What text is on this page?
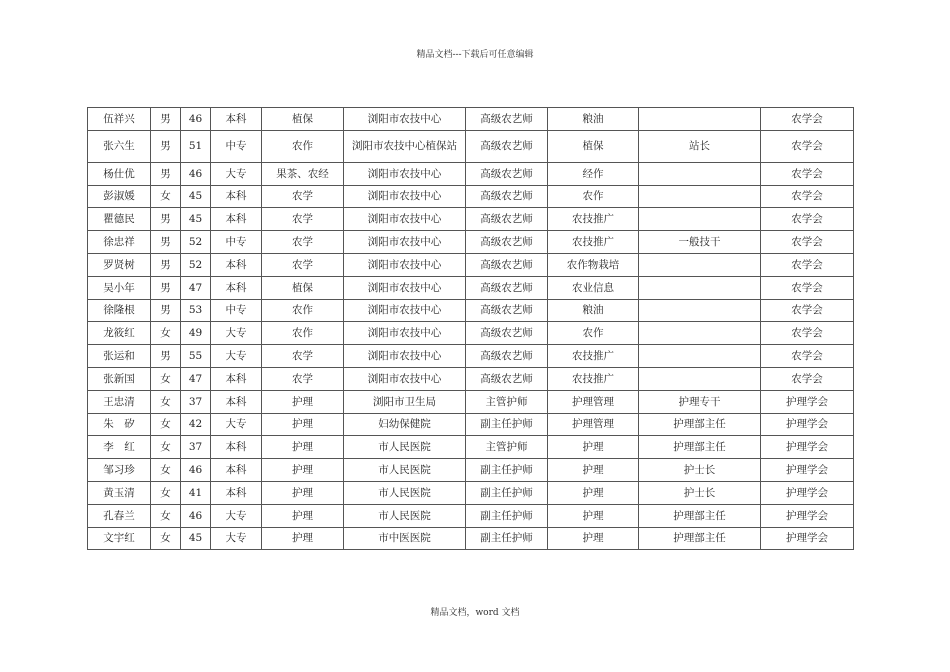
精品文档---下载后可任意编辑
伍祥兴	男	46	本科	植保	浏阳市农技中心	高级农艺师	粮油		农学会
张六生	男	51	中专	农作	浏阳市农技中心植保站	高级农艺师	植保	站长	农学会
杨仕优	男	46	大专	果茶、农经	浏阳市农技中心	高级农艺师	经作		农学会
彭淑媛	女	45	本科	农学	浏阳市农技中心	高级农艺师	农作		农学会
瞿德民	男	45	本科	农学	浏阳市农技中心	高级农艺师	农技推广		农学会
徐忠祥	男	52	中专	农学	浏阳市农技中心	高级农艺师	农技推广	一般技干	农学会
罗贤树	男	52	本科	农学	浏阳市农技中心	高级农艺师	农作物栽培		农学会
吴小年	男	47	本科	植保	浏阳市农技中心	高级农艺师	农业信息		农学会
徐隆根	男	53	中专	农作	浏阳市农技中心	高级农艺师	粮油		农学会
龙筱红	女	49	大专	农作	浏阳市农技中心	高级农艺师	农作		农学会
张运和	男	55	大专	农学	浏阳市农技中心	高级农艺师	农技推广		农学会
张新国	女	47	本科	农学	浏阳市农技中心	高级农艺师	农技推广		农学会
王忠清	女	37	本科	护理	浏阳市卫生局	主管护师	护理管理	护理专干	护理学会
朱　矽	女	42	大专	护理	妇幼保健院	副主任护师	护理管理	护理部主任	护理学会
李　红	女	37	本科	护理	市人民医院	主管护师	护理	护理部主任	护理学会
邹习珍	女	46	本科	护理	市人民医院	副主任护师	护理	护士长	护理学会
黄玉清	女	41	本科	护理	市人民医院	副主任护师	护理	护士长	护理学会
孔春兰	女	46	大专	护理	市人民医院	副主任护师	护理	护理部主任	护理学会
文宇红	女	45	大专	护理	市中医医院	副主任护师	护理	护理部主任	护理学会
精品文档，word 文档
